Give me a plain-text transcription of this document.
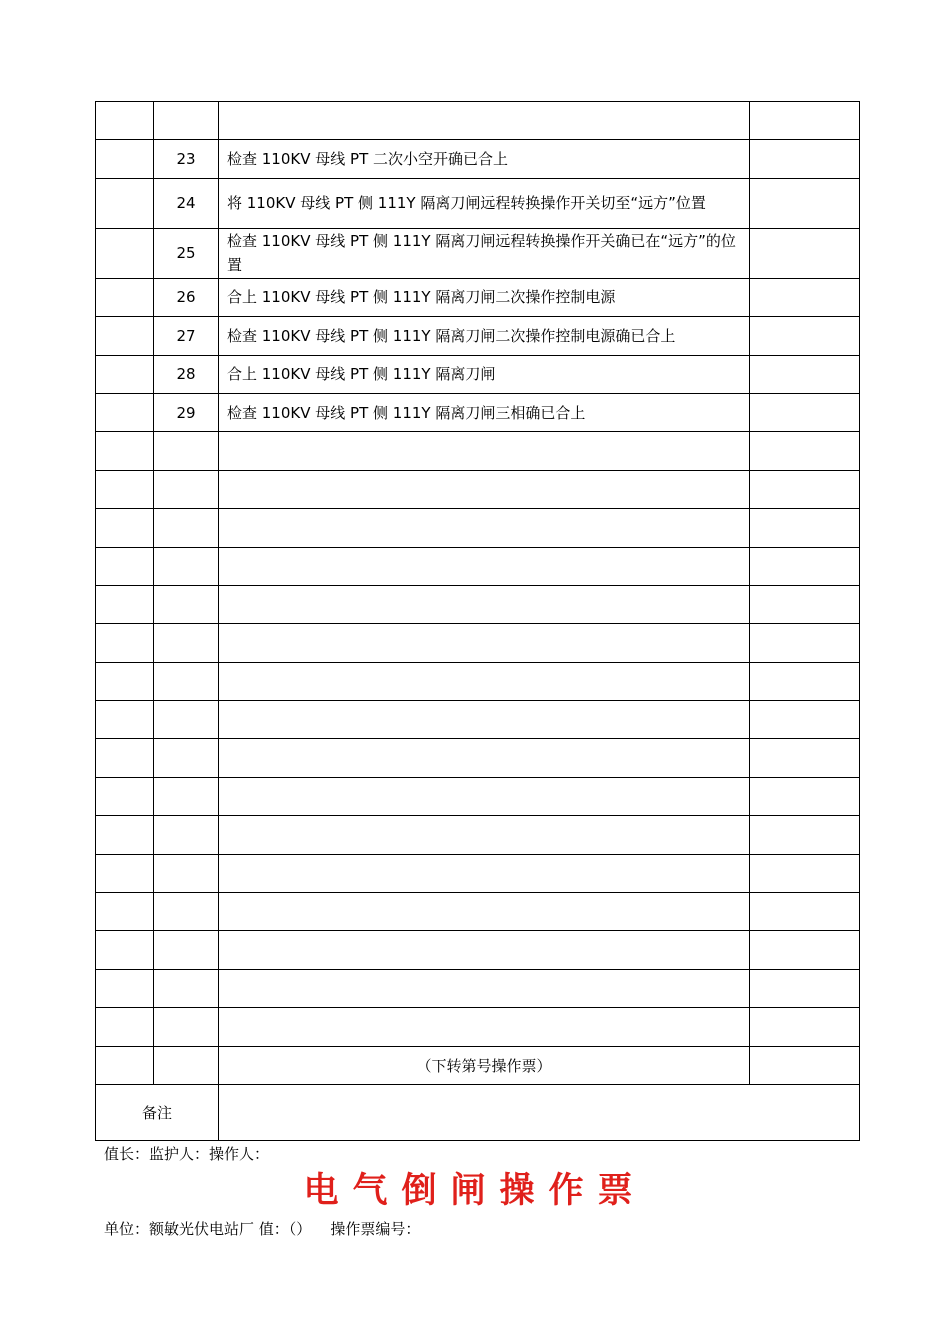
	23	检查 110KV 母线 PT 二次小空开确已合上	
	24	将 110KV 母线 PT 侧 111Y 隔离刀闸远程转换操作开关切至“远方”位置	
	25	检查 110KV 母线 PT 侧 111Y 隔离刀闸远程转换操作开关确已在“远方”的位置	
	26	合上 110KV 母线 PT 侧 111Y 隔离刀闸二次操作控制电源	
	27	检查 110KV 母线 PT 侧 111Y 隔离刀闸二次操作控制电源确已合上	
	28	合上 110KV 母线 PT 侧 111Y 隔离刀闸	
	29	检查 110KV 母线 PT 侧 111Y 隔离刀闸三相确已合上	

		（下转第号操作票）	
备注			
值长：监护人：操作人：
电气倒闸操作票
单位：额敏光伏电站厂 值：（）    操作票编号：
